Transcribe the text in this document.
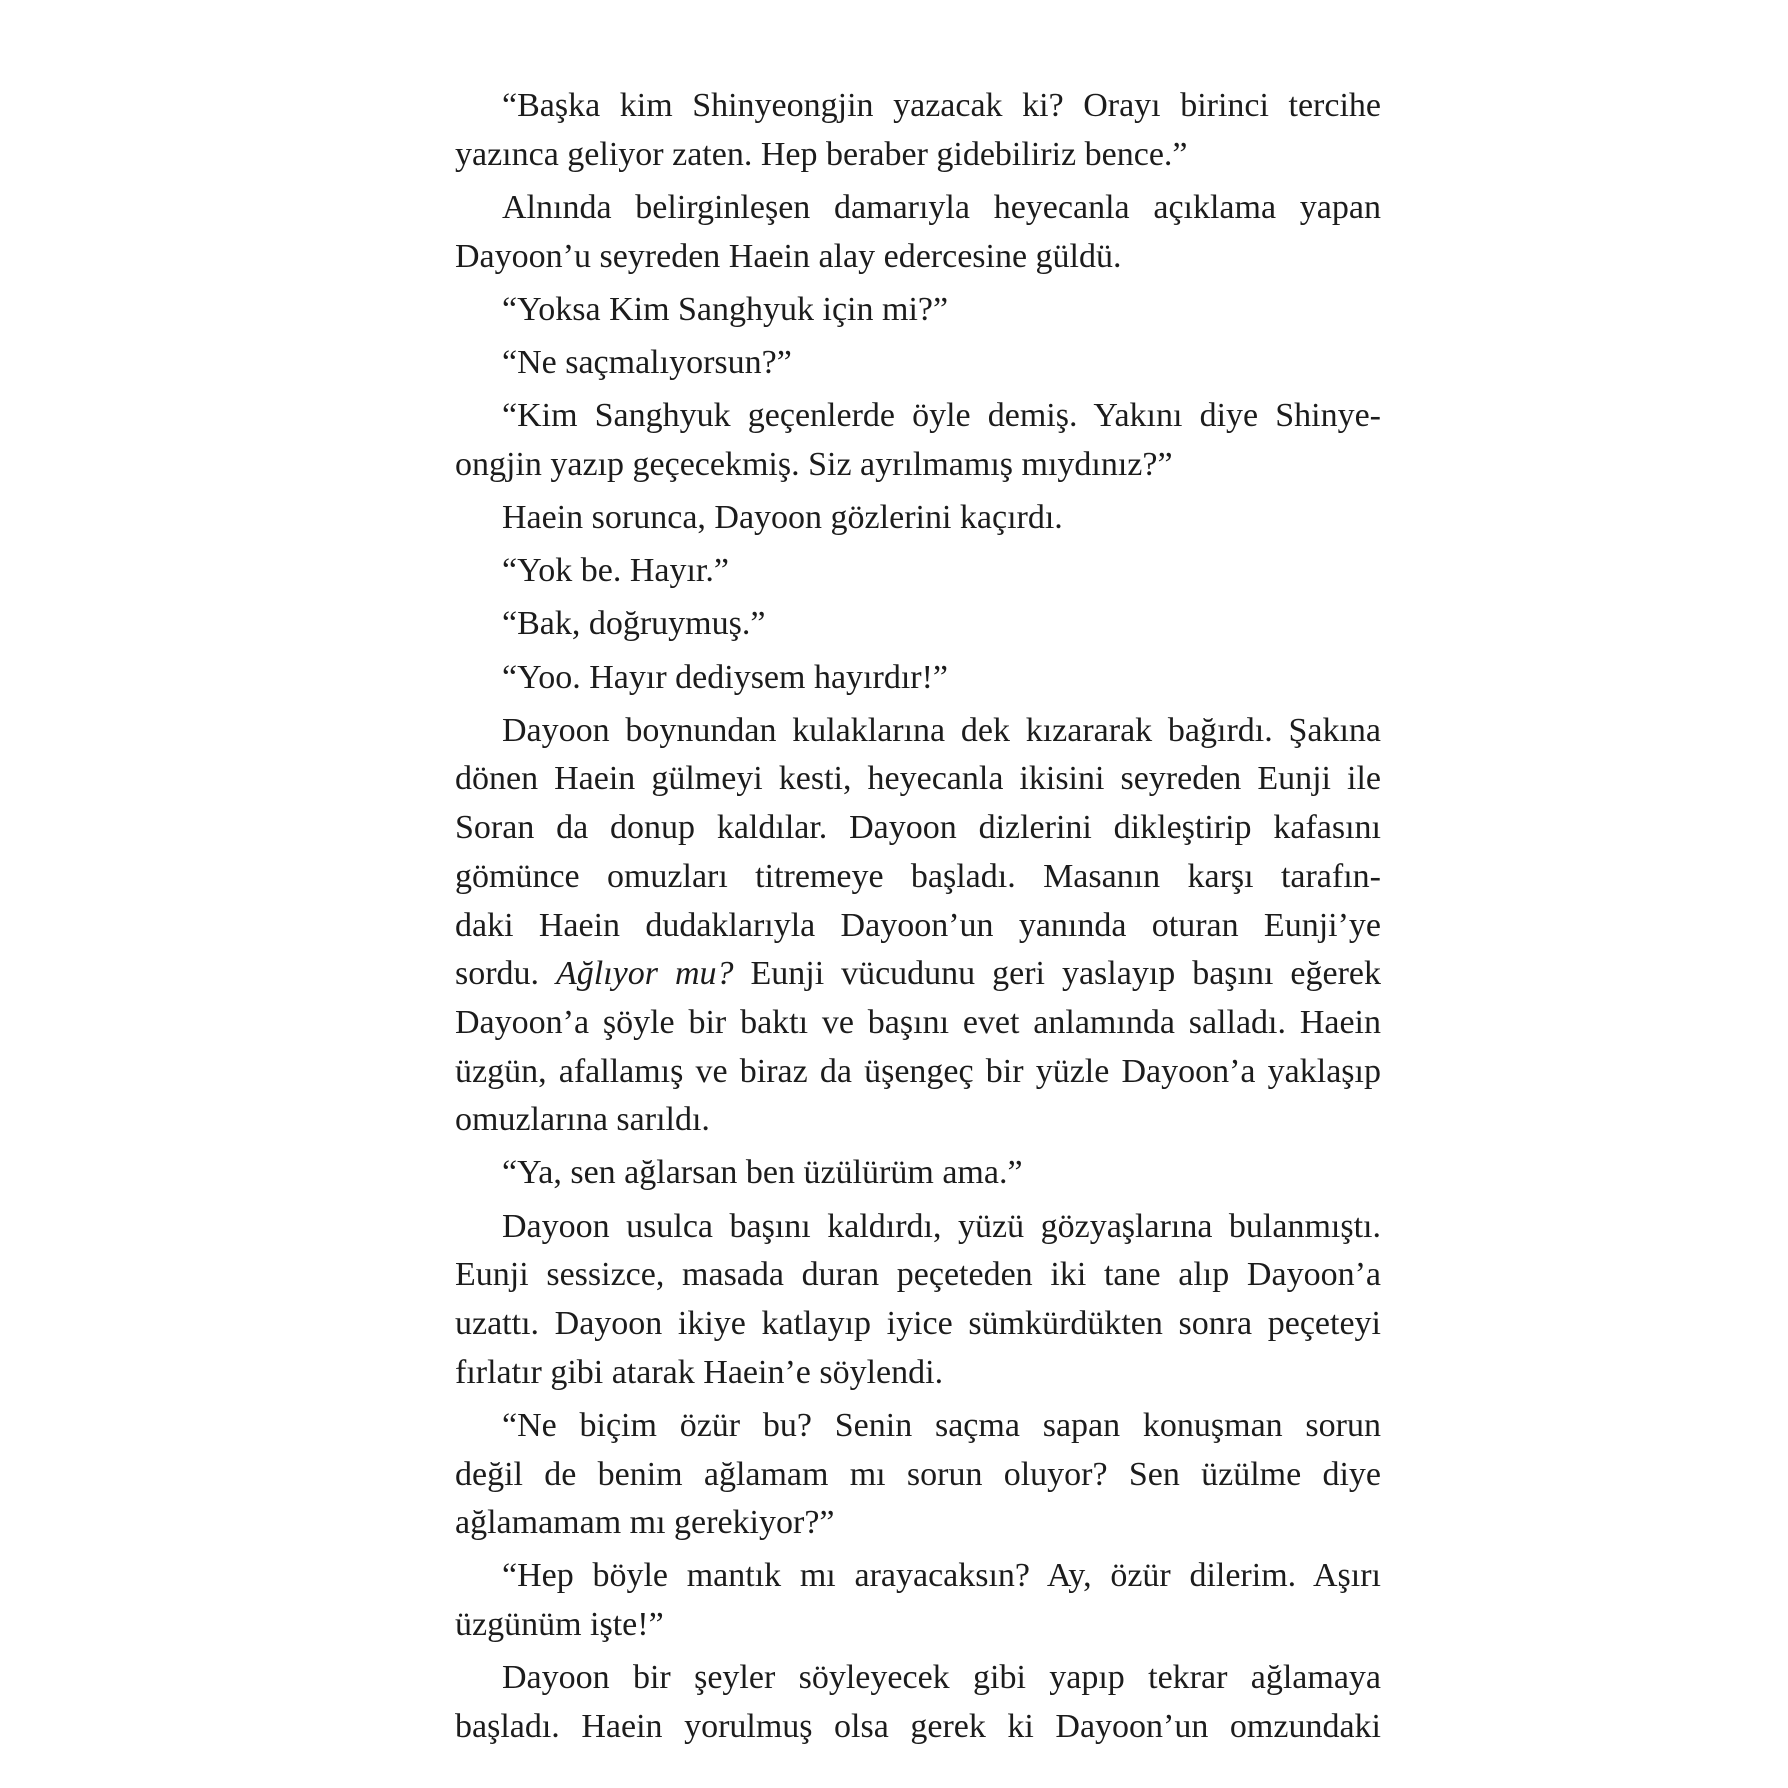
“Başka kim Shinyeongjin yazacak ki? Orayı birinci tercihe
yazınca geliyor zaten. Hep beraber gidebiliriz bence.”
Alnında belirginleşen damarıyla heyecanla açıklama yapan
Dayoon’u seyreden Haein alay edercesine güldü.
“Yoksa Kim Sanghyuk için mi?”
“Ne saçmalıyorsun?”
“Kim Sanghyuk geçenlerde öyle demiş. Yakını diye Shinye-
ongjin yazıp geçecekmiş. Siz ayrılmamış mıydınız?”
Haein sorunca, Dayoon gözlerini kaçırdı.
“Yok be. Hayır.”
“Bak, doğruymuş.”
“Yoo. Hayır dediysem hayırdır!”
Dayoon boynundan kulaklarına dek kızararak bağırdı. Şakına
dönen Haein gülmeyi kesti, heyecanla ikisini seyreden Eunji ile
Soran da donup kaldılar. Dayoon dizlerini dikleştirip kafasını
gömünce omuzları titremeye başladı. Masanın karşı tarafın-
daki Haein dudaklarıyla Dayoon’un yanında oturan Eunji’ye
sordu. Ağlıyor mu? Eunji vücudunu geri yaslayıp başını eğerek
Dayoon’a şöyle bir baktı ve başını evet anlamında salladı. Haein
üzgün, afallamış ve biraz da üşengeç bir yüzle Dayoon’a yaklaşıp
omuzlarına sarıldı.
“Ya, sen ağlarsan ben üzülürüm ama.”
Dayoon usulca başını kaldırdı, yüzü gözyaşlarına bulanmıştı.
Eunji sessizce, masada duran peçeteden iki tane alıp Dayoon’a
uzattı. Dayoon ikiye katlayıp iyice sümkürdükten sonra peçeteyi
fırlatır gibi atarak Haein’e söylendi.
“Ne biçim özür bu? Senin saçma sapan konuşman sorun
değil de benim ağlamam mı sorun oluyor? Sen üzülme diye
ağlamamam mı gerekiyor?”
“Hep böyle mantık mı arayacaksın? Ay, özür dilerim. Aşırı
üzgünüm işte!”
Dayoon bir şeyler söyleyecek gibi yapıp tekrar ağlamaya
başladı. Haein yorulmuş olsa gerek ki Dayoon’un omzundaki
